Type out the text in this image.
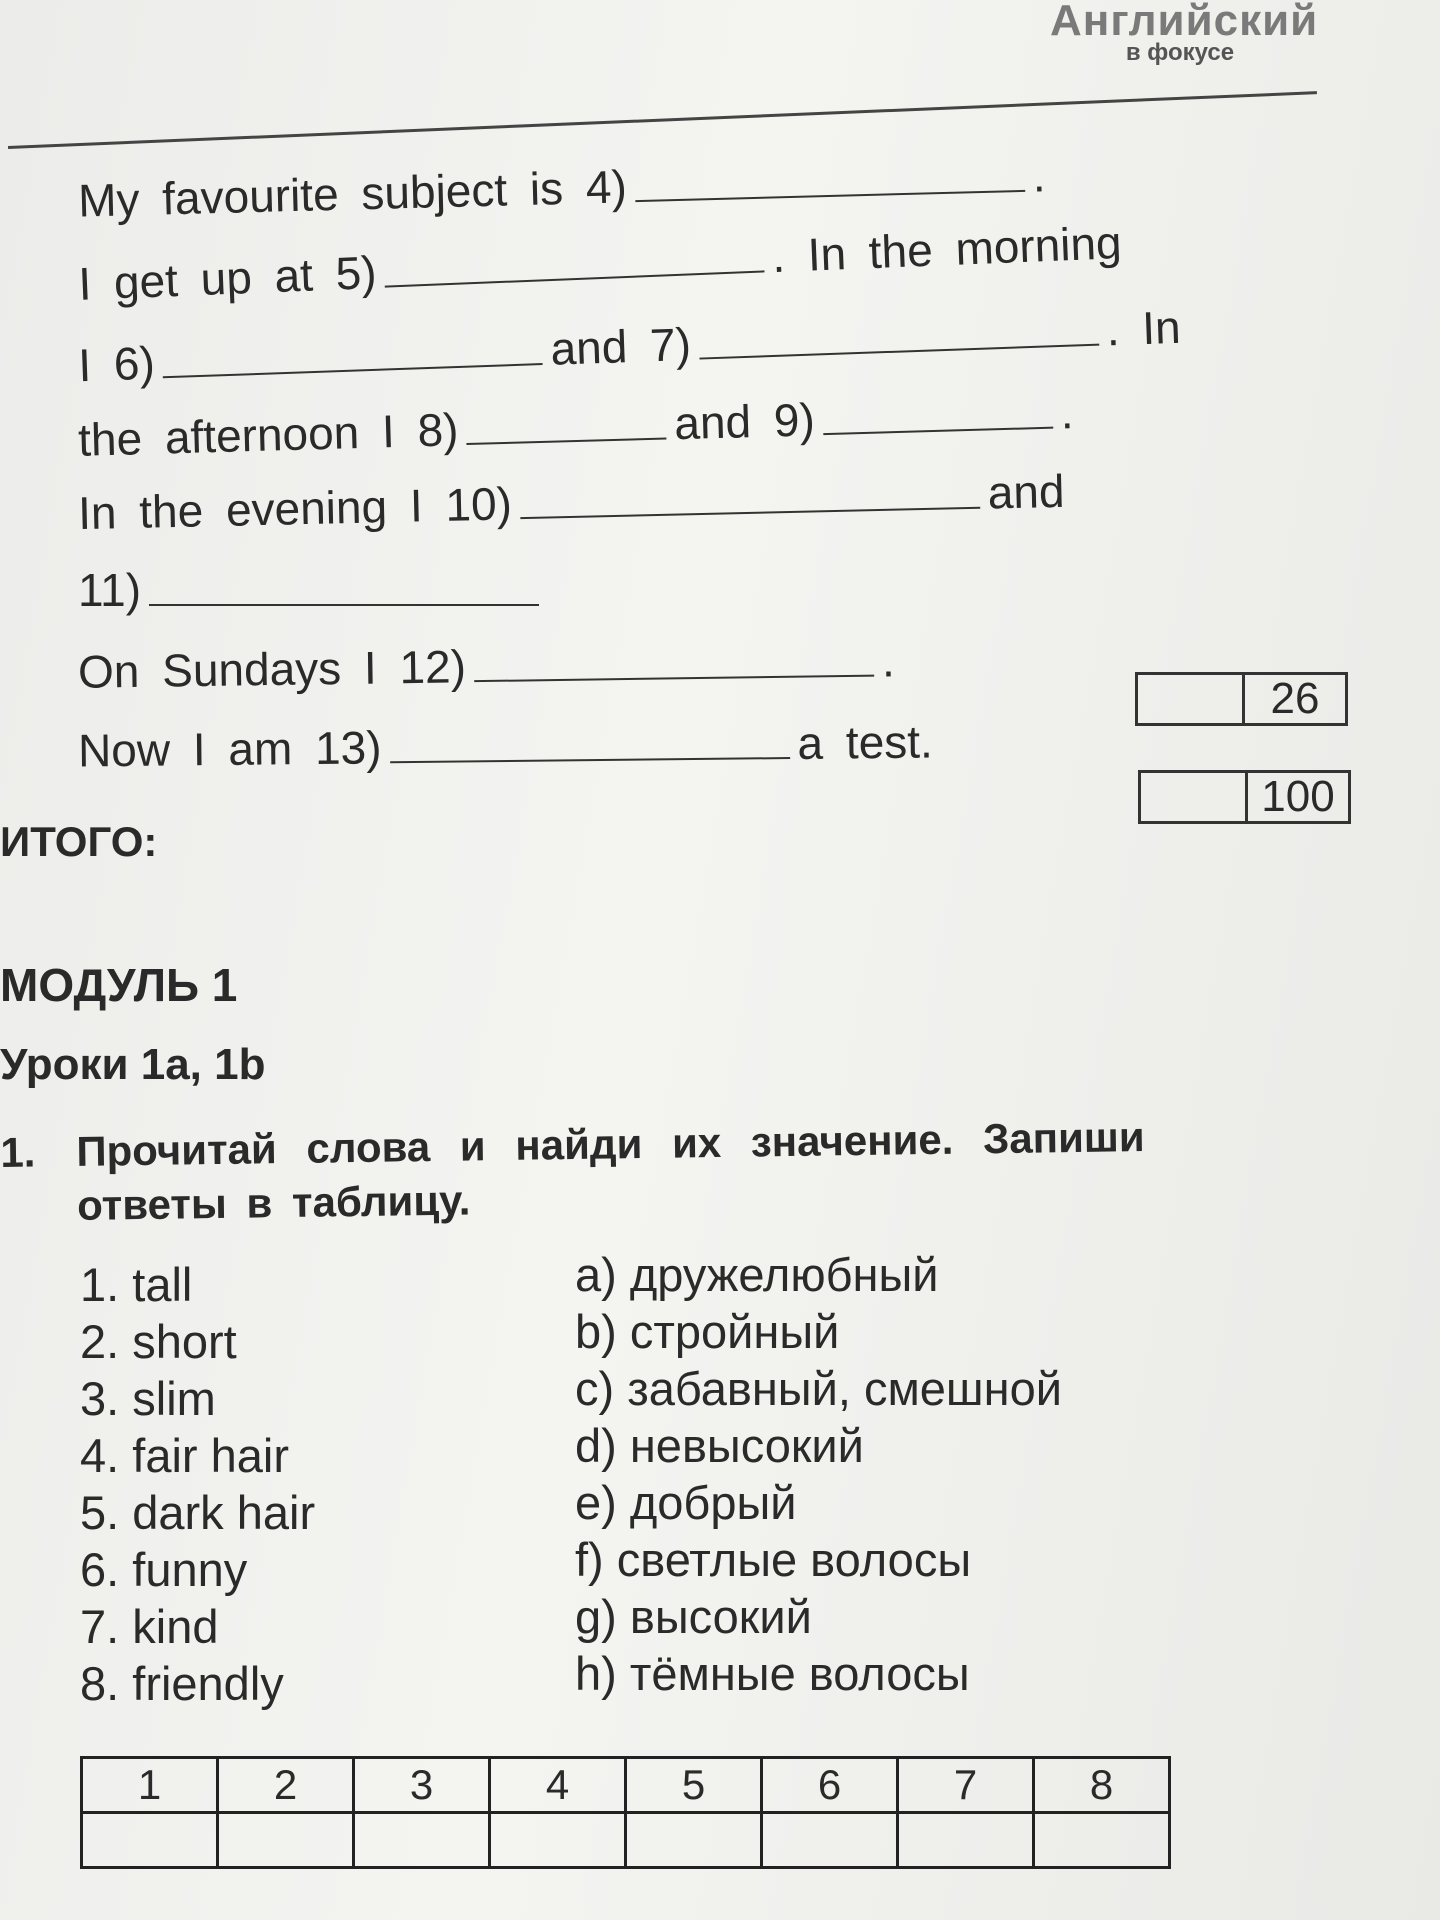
Английский
в фокусе
My favourite subject is 4)	.
I get up at 5)	. In the morning
I 6)	and 7)	. In
the afternoon I 8)	and 9)	.
In the evening I 10)	and
11)
On Sundays I 12)	.
Now I am 13)	a test.
26
100
ИТОГО:
МОДУЛЬ 1
Уроки 1a, 1b
1. Прочитай слова и найди их значение. Запиши
ответы в таблицу.
1. tall
2. short
3. slim
4. fair hair
5. dark hair
6. funny
7. kind
8. friendly
a) дружелюбный
b) стройный
c) забавный, смешной
d) невысокий
e) добрый
f) светлые волосы
g) высокий
h) тёмные волосы
1	2	3	4	5	6	7	8
